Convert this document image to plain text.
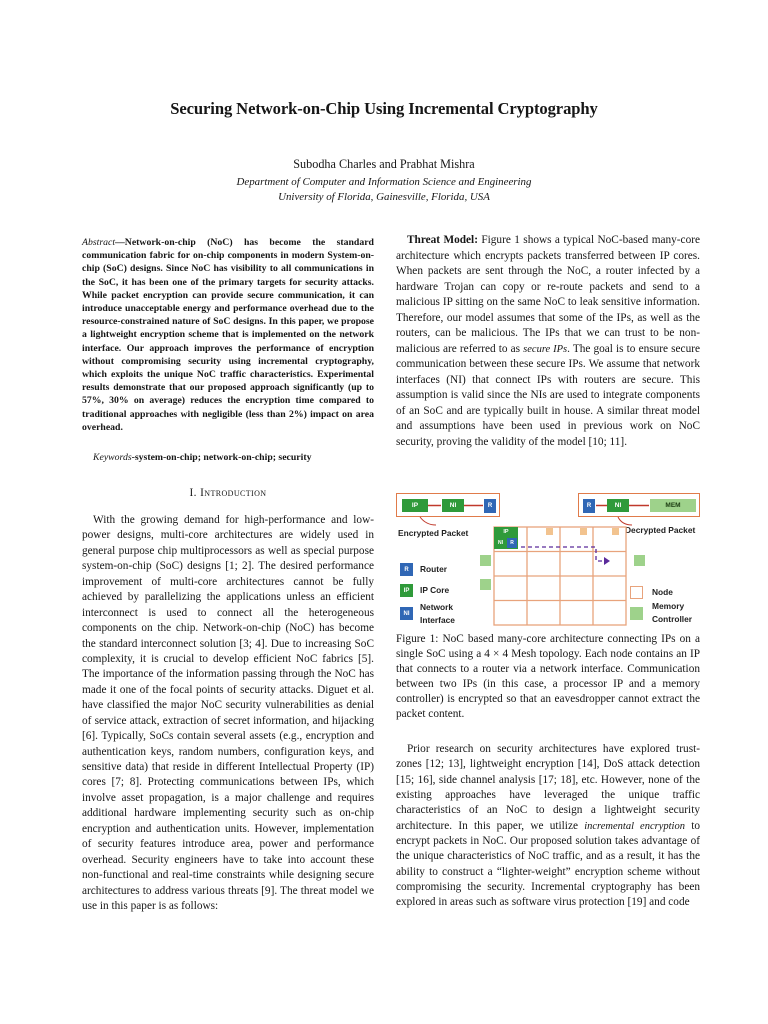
Securing Network-on-Chip Using Incremental Cryptography
Subodha Charles and Prabhat Mishra
Department of Computer and Information Science and Engineering
University of Florida, Gainesville, Florida, USA

Abstract—Network-on-chip (NoC) has become the standard communication fabric for on-chip components in modern System-on-chip (SoC) designs. Since NoC has visibility to all communications in the SoC, it has been one of the primary targets for security attacks. While packet encryption can provide secure communication, it can introduce unacceptable energy and performance overhead due to the resource-constrained nature of SoC designs. In this paper, we propose a lightweight encryption scheme that is implemented on the network interface. Our approach improves the performance of encryption without compromising security using incremental cryptography, which exploits the unique NoC traffic characteristics. Experimental results demonstrate that our proposed approach significantly (up to 57%, 30% on average) reduces the encryption time compared to traditional approaches with negligible (less than 2%) impact on area overhead.

Keywords-system-on-chip; network-on-chip; security

I. Introduction

With the growing demand for high-performance and low-power designs, multi-core architectures are widely used in general purpose chip multiprocessors as well as special purpose system-on-chip (SoC) designs [1; 2]. The desired performance improvement of multi-core architectures cannot be fully achieved by parallelizing the applications unless an efficient interconnect is used to connect all the heterogeneous components on the chip. Network-on-chip (NoC) has become the standard interconnect solution [3; 4]. Due to increasing SoC complexity, it is crucial to develop efficient NoC fabrics [5]. The importance of the information passing through the NoC has made it one of the focal points of security attacks. Diguet et al. have classified the major NoC security vulnerabilities as denial of service attack, extraction of secret information, and hijacking [6]. Typically, SoCs contain several assets (e.g., encryption and authentication keys, random numbers, configuration keys, and sensitive data) that reside in different Intellectual Property (IP) cores [7; 8]. Protecting communications between IPs, which involve asset propagation, is a major challenge and requires additional hardware implementing security such as on-chip encryption and authentication units. However, implementation of security features introduce area, power and performance overhead. Security engineers have to take into account these non-functional and real-time constraints while designing secure architectures to address various threats [9]. The threat model we use in this paper is as follows:

Threat Model: Figure 1 shows a typical NoC-based many-core architecture which encrypts packets transferred between IP cores. When packets are sent through the NoC, a router infected by a hardware Trojan can copy or re-route packets and send to a malicious IP sitting on the same NoC to leak sensitive information. Therefore, our model assumes that some of the IPs, as well as the routers, can be malicious. The IPs that we can trust to be non-malicious are referred to as secure IPs. The goal is to ensure secure communication between these secure IPs. We assume that network interfaces (NI) that connect IPs with routers are secure. This assumption is valid since the NIs are used to integrate components of an SoC and are typically built in house. A similar threat model and assumptions have been used in previous work on NoC security, proving the validity of the model [10; 11].

IP	NI	R
Encrypted Packet
R	NI	MEM
Decrypted Packet
IP
NI	R
R	Router
IP	IP Core
NI
Network
Interface
Node
Memory
Controller

Figure 1: NoC based many-core architecture connecting IPs on a single SoC using a 4 × 4 Mesh topology. Each node contains an IP that connects to a router via a network interface. Communication between two IPs (in this case, a processor IP and a memory controller) is encrypted so that an eavesdropper cannot extract the packet content.

Prior research on security architectures have explored trust-zones [12; 13], lightweight encryption [14], DoS attack detection [15; 16], side channel analysis [17; 18], etc. However, none of the existing approaches have leveraged the unique traffic characteristics of an NoC to design a lightweight security architecture. In this paper, we utilize incremental encryption to encrypt packets in NoC. Our proposed solution takes advantage of the unique characteristics of NoC traffic, and as a result, it has the ability to construct a “lighter-weight” encryption scheme without compromising the security. Incremental cryptography has been explored in areas such as software virus protection [19] and code
